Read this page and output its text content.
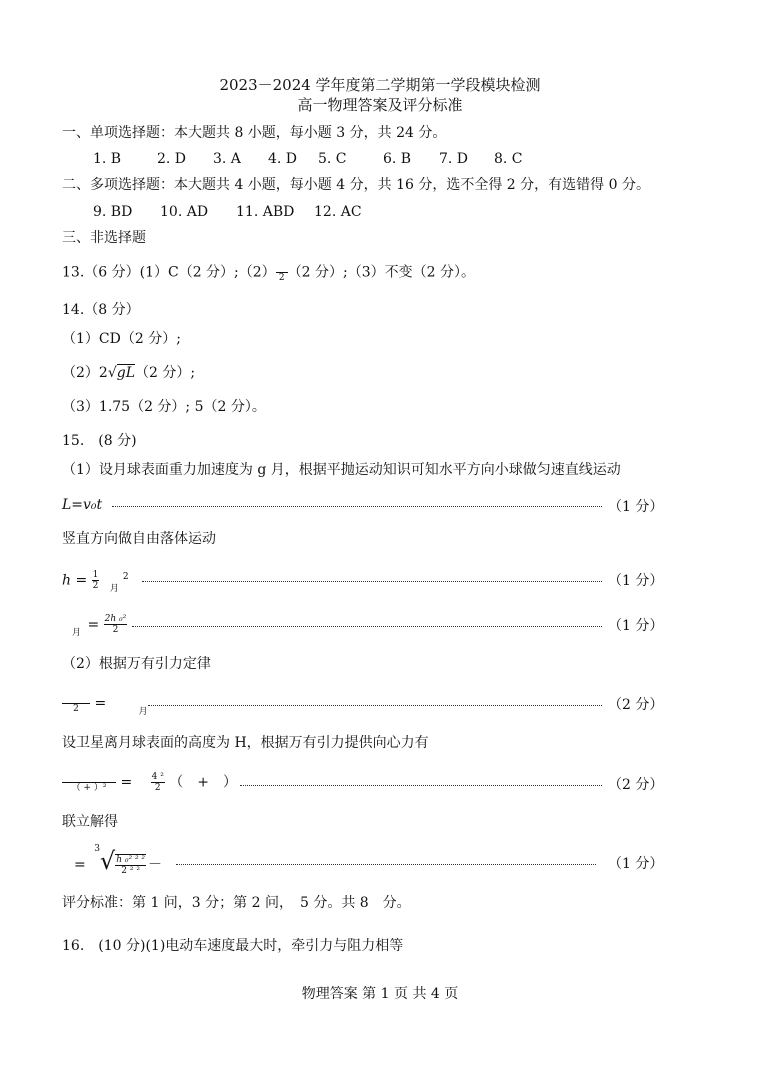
2023－2024 学年度第二学期第一学段模块检测
高一物理答案及评分标准
一、单项选择题：本大题共 8 小题，每小题 3 分，共 24 分。
1. B	2. D 3. A 4. D 5. C	6. B 7. D 8. C
二、多项选择题：本大题共 4 小题，每小题 4 分，共 16 分，选不全得 2 分，有选错得 0 分。
9. BD 10. AD 11. ABD 12. AC
三、非选择题
13.（6 分）(1）C（2 分）;（2）
2 （2 分）;（3）不变（2 分）。
14.（8 分）
（1）CD（2 分）;
（2）2√gL（2 分）;
（3）1.75（2 分）; 5（2 分）。
15.　(8 分)
（1）设月球表面重力加速度为 g 月，根据平抛运动知识可知水平方向小球做匀速直线运动
L=v₀t	（1 分）
竖直方向做自由落体运动
$h = \frac{1}{2} _月^2$	（1 分）
$_月 = \frac{\text{2h ₀²}}{2}$	（1 分）
（2）根据万有引力定律

2	=	$_月$	（2 分）
设卫星离月球表面的高度为 H，根据万有引力提供向心力有

（ + ）²	= $\frac{\text{4 ²}}{2}$ （　+　）	（2 分）
联立解得
= $^3√ \frac{\text{h ₀² ² ²}}{\text{2 ² ²}}$ －	（1 分）
评分标准：第 1 问，3 分；第 2 问，　5 分。共 8　分。
16.　(10 分)(1)电动车速度最大时，牵引力与阻力相等
物理答案 第 1 页 共 4 页
